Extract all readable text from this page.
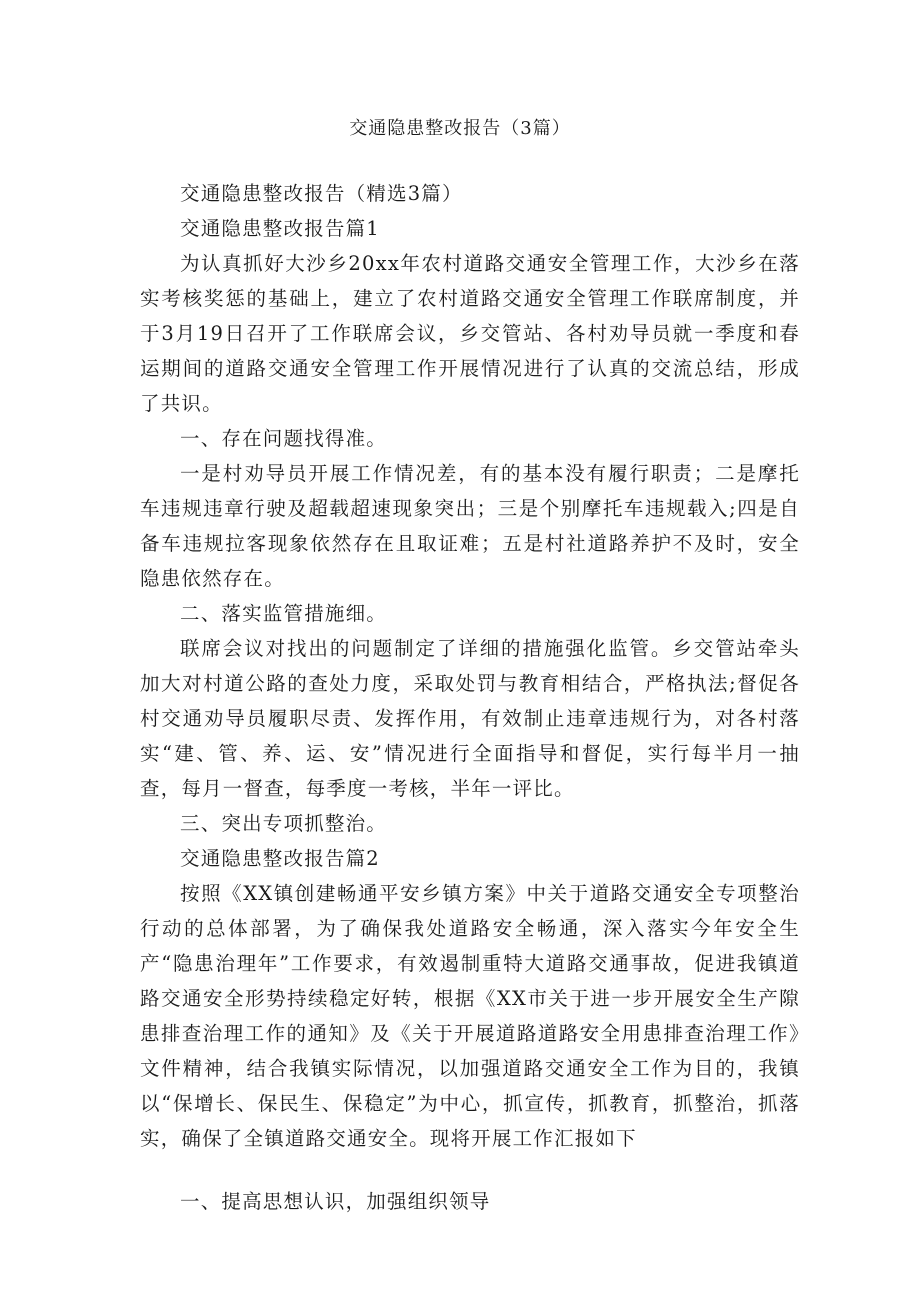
交通隐患整改报告（3篇）

交通隐患整改报告（精选3篇）

交通隐患整改报告篇1

为认真抓好大沙乡20xx年农村道路交通安全管理工作，大沙乡在落实考核奖惩的基础上，建立了农村道路交通安全管理工作联席制度，并于3月19日召开了工作联席会议，乡交管站、各村劝导员就一季度和春运期间的道路交通安全管理工作开展情况进行了认真的交流总结，形成了共识。

一、存在问题找得准。

一是村劝导员开展工作情况差，有的基本没有履行职责；二是摩托车违规违章行驶及超载超速现象突出；三是个别摩托车违规载入;四是自备车违规拉客现象依然存在且取证难；五是村社道路养护不及时，安全隐患依然存在。

二、落实监管措施细。

联席会议对找出的问题制定了详细的措施强化监管。乡交管站牵头加大对村道公路的查处力度，采取处罚与教育相结合，严格执法;督促各村交通劝导员履职尽责、发挥作用，有效制止违章违规行为，对各村落实“建、管、养、运、安”情况进行全面指导和督促，实行每半月一抽查，每月一督查，每季度一考核，半年一评比。

三、突出专项抓整治。

交通隐患整改报告篇2

按照《XX镇创建畅通平安乡镇方案》中关于道路交通安全专项整治行动的总体部署，为了确保我处道路安全畅通，深入落实今年安全生产“隐患治理年”工作要求，有效遏制重特大道路交通事故，促进我镇道路交通安全形势持续稳定好转，根据《XX市关于进一步开展安全生产隙患排查治理工作的通知》及《关于开展道路道路安全用患排查治理工作》文件精神，结合我镇实际情况，以加强道路交通安全工作为目的，我镇以“保增长、保民生、保稳定”为中心，抓宣传，抓教育，抓整治，抓落实，确保了全镇道路交通安全。现将开展工作汇报如下

一、提高思想认识，加强组织领导
